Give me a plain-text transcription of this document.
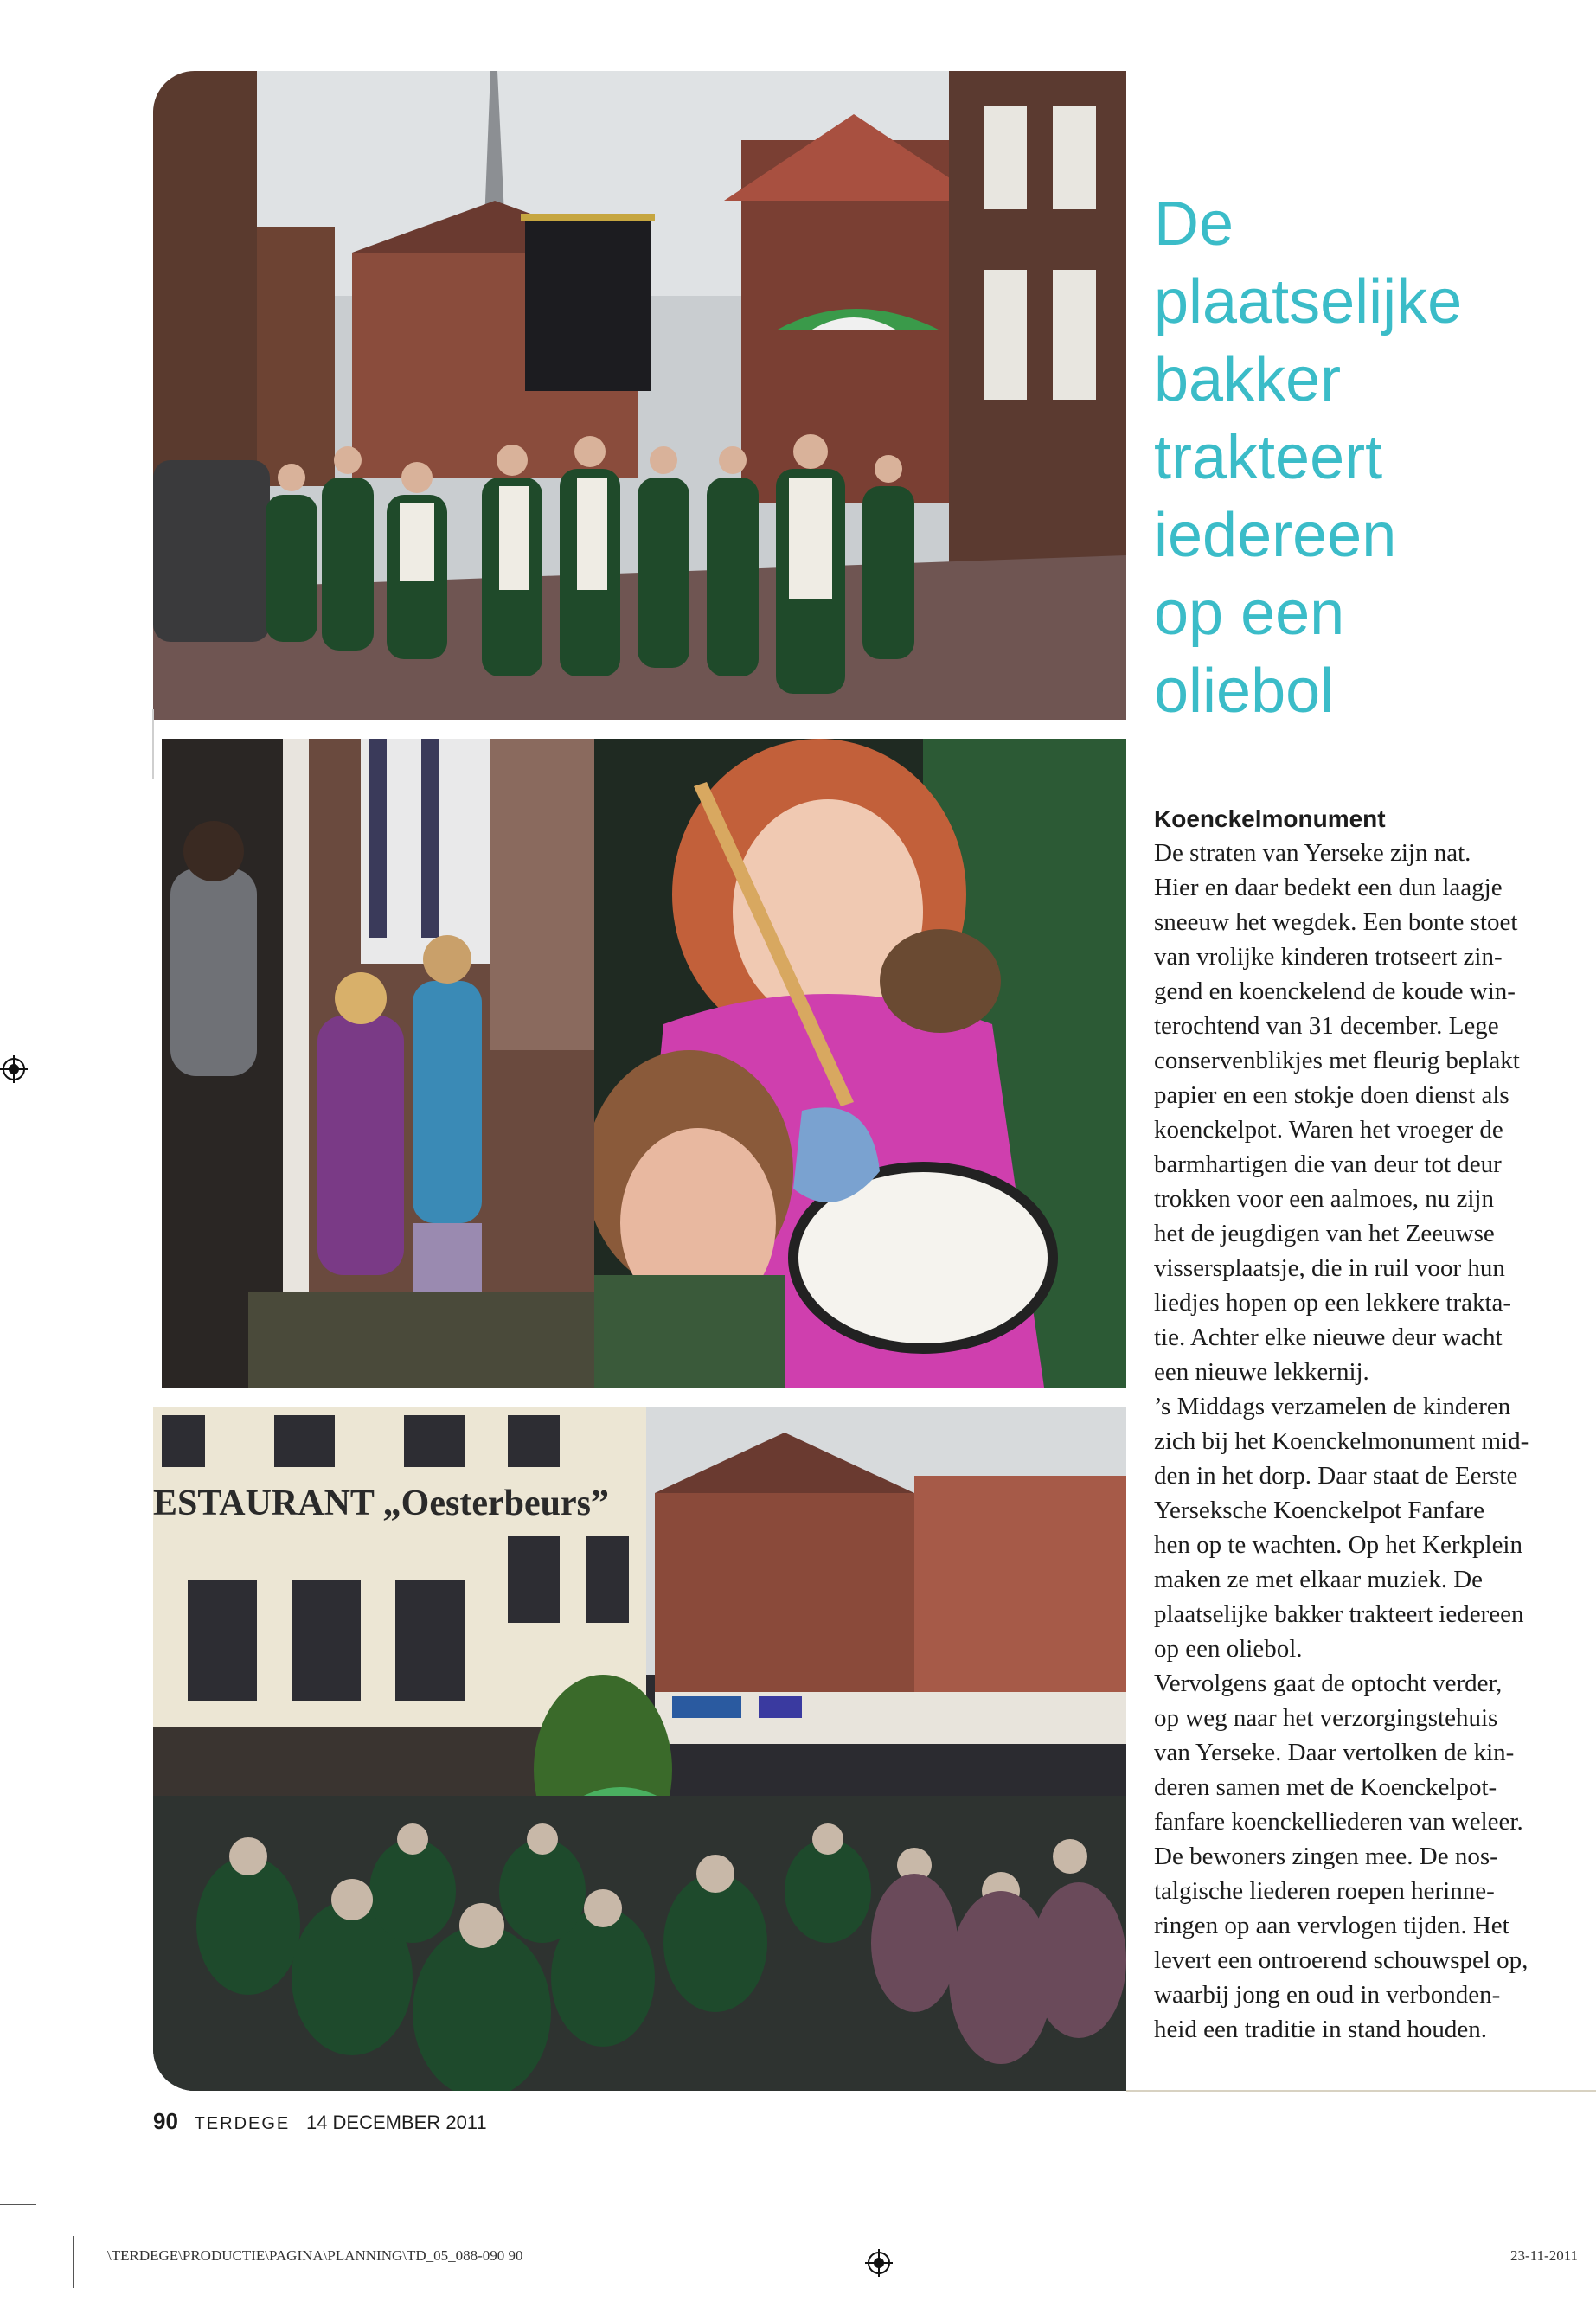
ESTAURANT „Oesterbeurs”
De
plaatselijke
bakker
trakteert
iedereen
op een
oliebol

Koenckelmonument

De straten van Yerseke zijn nat.

Hier en daar bedekt een dun laagje

sneeuw het wegdek. Een bonte stoet

van vrolijke kinderen trotseert zin-

gend en koenckelend de koude win-

terochtend van 31 december. Lege

conservenblikjes met fleurig beplakt

papier en een stokje doen dienst als

koenckelpot. Waren het vroeger de

barmhartigen die van deur tot deur

trokken voor een aalmoes, nu zijn

het de jeugdigen van het Zeeuwse

vissersplaatsje, die in ruil voor hun

liedjes hopen op een lekkere trakta-

tie. Achter elke nieuwe deur wacht

een nieuwe lekkernij.

’s Middags verzamelen de kinderen

zich bij het Koenckelmonument mid-

den in het dorp. Daar staat de Eerste

Yerseksche Koenckelpot Fanfare

hen op te wachten. Op het Kerkplein

maken ze met elkaar muziek. De

plaatselijke bakker trakteert iedereen

op een oliebol.

Vervolgens gaat de optocht verder,

op weg naar het verzorgingstehuis

van Yerseke. Daar vertolken de kin-

deren samen met de Koenckelpot-

fanfare koenckelliederen van weleer.

De bewoners zingen mee. De nos-

talgische liederen roepen herinne-

ringen op aan vervlogen tijden. Het

levert een ontroerend schouwspel op,

waarbij jong en oud in verbonden-

heid een traditie in stand houden.

90 TERDEGE 14 DECEMBER 2011
\TERDEGE\PRODUCTIE\PAGINA\PLANNING\TD_05_088-090 90	23-11-2011
